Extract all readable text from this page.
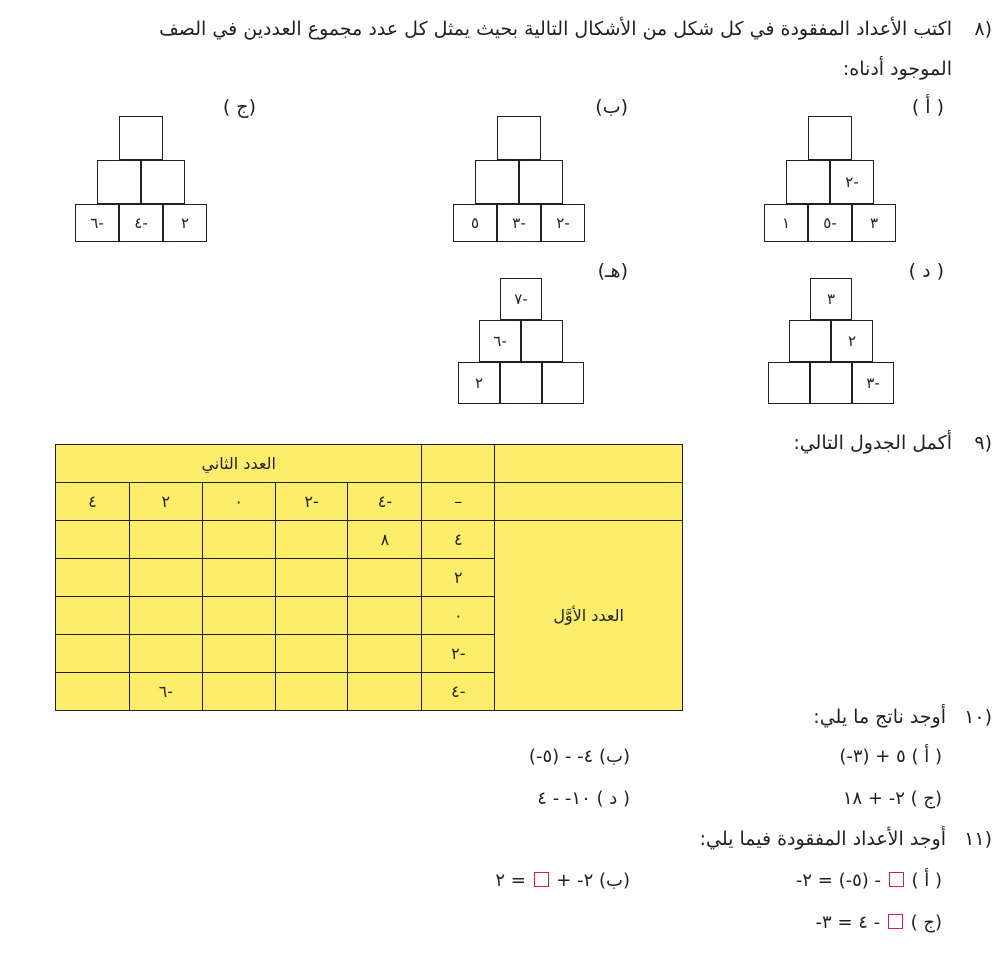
٨)
اكتب الأعداد المفقودة في كل شكل من الأشكال التالية بحيث يمثل كل عدد مجموع العددين في الصف
الموجود أدناه:
( أ )
(ب)
(ج )
( د )
(هـ)
٢-
٣
٥-
١
٢-
٣-
٥
٢
٤-
٦-
٣
٢
٣-
٧-
٦-
٢
٩)
أكمل الجدول التالي:
العدد الثاني						
٤	٢	٠	٢-	٤-	–	
				٨	٤	العدد الأوَّل
					٢	
					٠	
					٢-	
	٦-				٤-	
١٠)
أوجد ناتج ما يلي:
( أ ) ٥ + (٣-)
(ب) ٤- - (٥-)
(ج ) ٢- + ١٨
( د ) ١٠- - ٤
١١)
أوجد الأعداد المفقودة فيما يلي:
( أ )  - (٥-) = ٢-
(ب) ٢- +  = ٢
(ج )  - ٤ = ٣-
